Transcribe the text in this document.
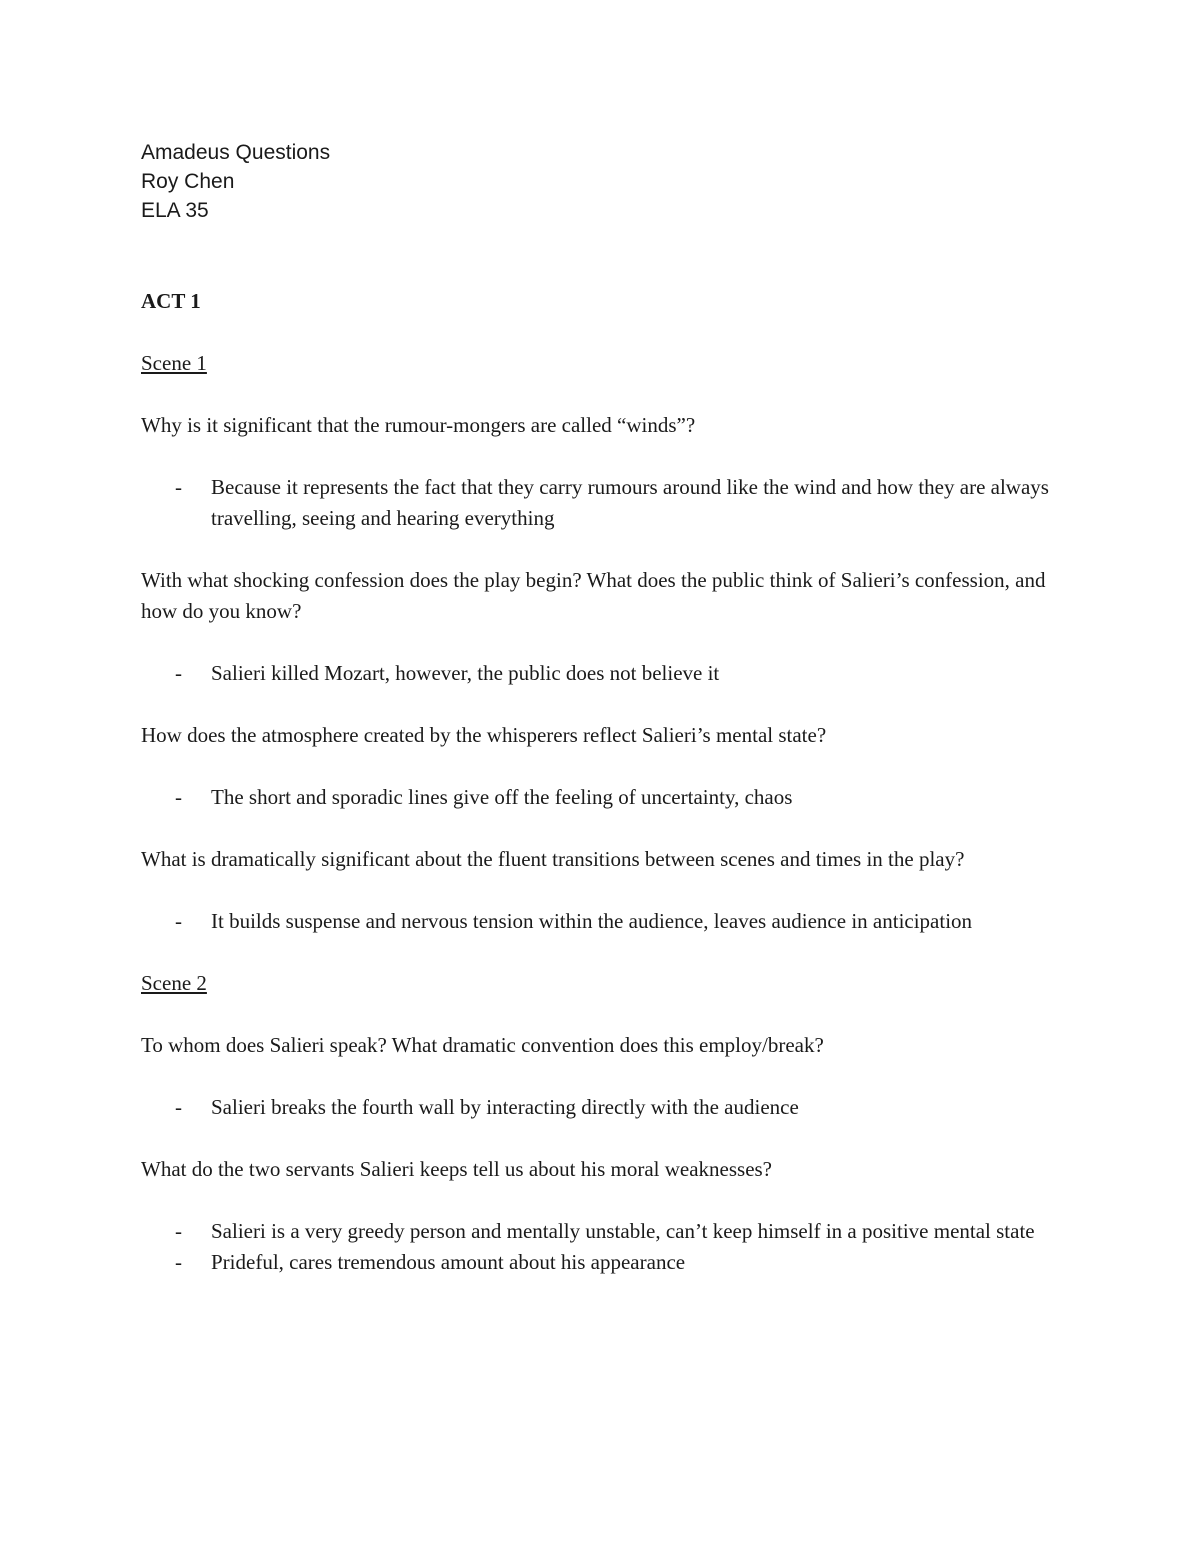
Amadeus Questions

Roy Chen

ELA 35

ACT 1

Scene 1

Why is it significant that the rumour-mongers are called “winds”?

- Because it represents the fact that they carry rumours around like the wind and how they are always travelling, seeing and hearing everything

With what shocking confession does the play begin? What does the public think of Salieri’s confession, and how do you know?

- Salieri killed Mozart, however, the public does not believe it

How does the atmosphere created by the whisperers reflect Salieri’s mental state?

- The short and sporadic lines give off the feeling of uncertainty, chaos

What is dramatically significant about the fluent transitions between scenes and times in the play?

- It builds suspense and nervous tension within the audience, leaves audience in anticipation

Scene 2

To whom does Salieri speak? What dramatic convention does this employ/break?

- Salieri breaks the fourth wall by interacting directly with the audience

What do the two servants Salieri keeps tell us about his moral weaknesses?

- Salieri is a very greedy person and mentally unstable, can’t keep himself in a positive mental state
- Prideful, cares tremendous amount about his appearance
